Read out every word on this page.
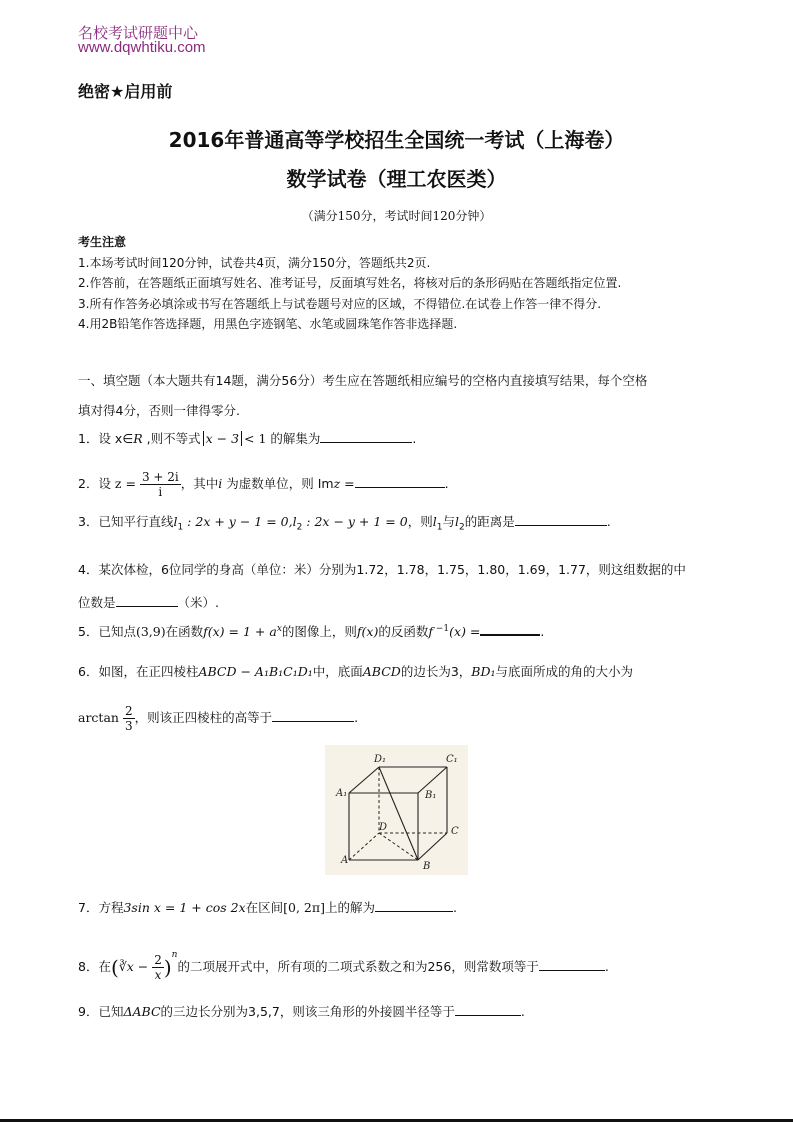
名校考试研题中心
www.dqwhtiku.com
绝密★启用前
2016年普通高等学校招生全国统一考试（上海卷）
数学试卷（理工农医类）
（满分150分，考试时间120分钟）
考生注意
1.本场考试时间120分钟，试卷共4页，满分150分，答题纸共2页.
2.作答前，在答题纸正面填写姓名、准考证号，反面填写姓名，将核对后的条形码贴在答题纸指定位置.
3.所有作答务必填涂或书写在答题纸上与试卷题号对应的区域，不得错位.在试卷上作答一律不得分.
4.用2B铅笔作答选择题，用黑色字迹钢笔、水笔或圆珠笔作答非选择题.
一、填空题（本大题共有14题，满分56分）考生应在答题纸相应编号的空格内直接填写结果，每个空格
填对得4分，否则一律得零分.
1．设 x∈R ,则不等式 x − 3 < 1 的解集为	.
2．设 $z = \frac{3 + 2i}{i}$ ，其中i 为虚数单位，则 Imz =	.
3．已知平行直线$l_1$ : $2x + y - 1 = 0,l_2$ : 2x − y + 1 = 0，则$l_1$与$l_2$的距离是	.
4．某次体检，6位同学的身高（单位：米）分别为1.72，1.78，1.75，1.80，1.69，1.77，则这组数据的中
位数是	（米）.
5．已知点(3,9)在函数$f(x) = 1 + a^x$的图像上，则f(x)的反函数f $^{-1}$(x) =	.
6．如图，在正四棱柱ABCD − A₁B₁C₁D₁中，底面ABCD的边长为3，BD₁与底面所成的角的大小为
$\arctan \frac{2}{3}$ ，则该正四棱柱的高等于	.
D₁	C₁
A₁	B₁
D	C
A
B
7．方程3sin x = 1 + cos 2x在区间[0, 2π]上的解为	.
8．在(∛x − $\frac{2}{x} )^n$的二项展开式中，所有项的二项式系数之和为256，则常数项等于	.
9．已知ΔABC的三边长分别为3,5,7，则该三角形的外接圆半径等于	.
